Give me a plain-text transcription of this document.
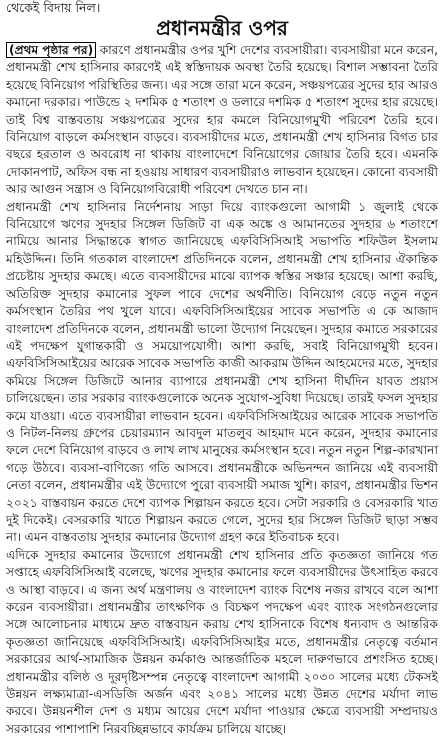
থেকেই বিদায় নিল।
প্রধানমন্ত্রীর ওপর

(প্রথম পৃষ্ঠার পর) কারণে প্রধানমন্ত্রীর ওপর খুশি দেশের ব্যবসায়ীরা। ব্যবসায়ীরা মনে করেন, প্রধানমন্ত্রী শেখ হাসিনার কারণেই এই স্বস্তিদায়ক অবস্থা তৈরি হয়েছে। বিশাল সম্ভাবনা তৈরি হয়েছে বিনিয়োগ পরিস্থিতির জন্য। এর সঙ্গে তারা মনে করেন, সঞ্চয়পত্রের সুদের হার আরও কমানো দরকার। পাউন্ডে ২ দশমিক ৫ শতাংশ ও ডলারে দশমিক ৫ শতাংশ সুদের হার রয়েছে। তাই বিশ্ব বাস্তবতায় সঞ্চয়পত্রের সুদের হার কমলে বিনিয়োগমুখী পরিবেশ তৈরি হবে। বিনিয়োগ বাড়লে কর্মসংস্থান বাড়বে। ব্যবসায়ীদের মতে, প্রধানমন্ত্রী শেখ হাসিনার বিগত চার বছরে হরতাল ও অবরোধ না থাকায় বাংলাদেশে বিনিয়োগের জোয়ার তৈরি হবে। এমনকি দোকানপাট, অফিস বন্ধ না হওয়ায় সাধারণ ব্যবসায়ীরাও লাভবান হয়েছেন। কোনো ব্যবসায়ী আর আগুন সন্ত্রাস ও বিনিয়োগবিরোধী পরিবেশ দেখতে চান না।

প্রধানমন্ত্রী শেখ হাসিনার নির্দেশনায় সাড়া দিয়ে ব্যাংকগুলো আগামী ১ জুলাই থেকে বিনিয়োগে ঋণের সুদহার সিঙ্গেল ডিজিট বা এক অঙ্কে ও আমানতের সুদহার ৬ শতাংশে নামিয়ে আনার সিদ্ধান্তকে স্বাগত জানিয়েছে এফবিসিসিআই সভাপতি শফিউল ইসলাম মহিউদ্দিন। তিনি গতকাল বাংলাদেশ প্রতিদিনকে বলেন, প্রধানমন্ত্রী শেখ হাসিনার ঐকান্তিক প্রচেষ্টায় সুদহার কমছে। এতে ব্যবসায়ীদের মাঝে ব্যাপক স্বস্তির সঞ্চার হয়েছে। আশা করছি, অতিরিক্ত সুদহার কমানোর সুফল পাবে দেশের অর্থনীতি। বিনিয়োগ বেড়ে নতুন নতুন কর্মসংস্থান তৈরির পথ খুলে যাবে। এফবিসিসিআইয়ের সাবেক সভাপতি এ কে আজাদ বাংলাদেশ প্রতিদিনকে বলেন, প্রধানমন্ত্রী ভালো উদ্যোগ নিয়েছেন। সুদহার কমাতে সরকারের এই পদক্ষেপ যুগান্তকারী ও সময়োপযোগী। আশা করছি, সবাই বিনিয়োগমুখী হবেন। এফবিসিসিআইয়ের আরেক সাবেক সভাপতি কাজী আকরাম উদ্দিন আহমেদের মতে, সুদহার কমিয়ে সিঙ্গেল ডিজিটে আনার ব্যাপারে প্রধানমন্ত্রী শেখ হাসিনা দীর্ঘদিন যাবত প্রয়াস চালিয়েছেন। তার সরকার ব্যাংকগুলোকে অনেক সুযোগ-সুবিধা দিয়েছে। তারই ফসল সুদহার কমে যাওয়া। এতে ব্যবসায়ীরা লাভবান হবেন। এফবিসিসিআইয়ের আরেক সাবেক সভাপতি ও নিটল-নিলয় গ্রুপের চেয়ারম্যান আবদুল মাতলুব আহমাদ মনে করেন, সুদহার কমানোর ফলে দেশে বিনিয়োগ বাড়বে ও লাখ লাখ মানুষের কর্মসংস্থান হবে। নতুন নতুন শিল্প-কারখানা গড়ে উঠবে। ব্যবসা-বাণিজ্যে গতি আসবে। প্রধানমন্ত্রীকে অভিনন্দন জানিয়ে এই ব্যবসায়ী নেতা বলেন, প্রধানমন্ত্রীর এই উদ্যোগে পুরো ব্যবসায়ী সমাজ খুশি। কারণ, প্রধানমন্ত্রীর ভিশন ২০২১ বাস্তবায়ন করতে দেশে ব্যাপক শিল্পায়ন করতে হবে। সেটা সরকারি ও বেসরকারি খাত দুই দিকেই। বেসরকারি খাতে শিল্পায়ন করতে গেলে, সুদের হার সিঙ্গেল ডিজিট ছাড়া সম্ভব না। এমন বাস্তবতায় সুদহার কমানোর উদ্যোগ গ্রহণ করে ইতিবাচক হবে।

এদিকে সুদহার কমানোর উদ্যোগে প্রধানমন্ত্রী শেখ হাসিনার প্রতি কৃতজ্ঞতা জানিয়ে গত সপ্তাহে এফবিসিসিআই বলেছে, ঋণের সুদহার কমানোর ফলে ব্যবসায়ীদের উৎসাহিত করবে ও আস্থা বাড়বে। এ জন্য অর্থ মন্ত্রণালয় ও বাংলাদেশ ব্যাংক বিশেষ নজর রাখবে বলে আশা করেন ব্যবসায়ীরা। প্রধানমন্ত্রীর তাৎক্ষণিক ও বিচক্ষণ পদক্ষেপ এবং ব্যাংক সংগঠনগুলোর সঙ্গে আলোচনার মাধ্যমে দ্রুত বাস্তবায়ন করায় শেখ হাসিনাকে বিশেষ ধন্যবাদ ও আন্তরিক কৃতজ্ঞতা জানিয়েছে এফবিসিসিআই। এফবিসিসিআইর মতে, প্রধানমন্ত্রীর নেতৃত্বে বর্তমান সরকারের আর্থ-সামাজিক উন্নয়ন কর্মকাণ্ড আন্তর্জাতিক মহলে দারুণভাবে প্রশংসিত হচ্ছে। প্রধানমন্ত্রীর বলিষ্ঠ ও দূরদৃষ্টিসম্পন্ন নেতৃত্বে বাংলাদেশ আগামী ২০৩০ সালের মধ্যে টেকসই উন্নয়ন লক্ষ্যমাত্রা-এসডিজি অর্জন এবং ২০৪১ সালের মধ্যে উন্নত দেশের মর্যাদা লাভ করবে। উন্নয়নশীল দেশ ও মধ্যম আয়ের দেশে মর্যাদা পাওয়ার ক্ষেত্রে ব্যবসায়ী সম্প্রদায়ও সরকারের পাশাপাশি নিরবচ্ছিন্নভাবে কার্যক্রম চালিয়ে যাচ্ছে।
